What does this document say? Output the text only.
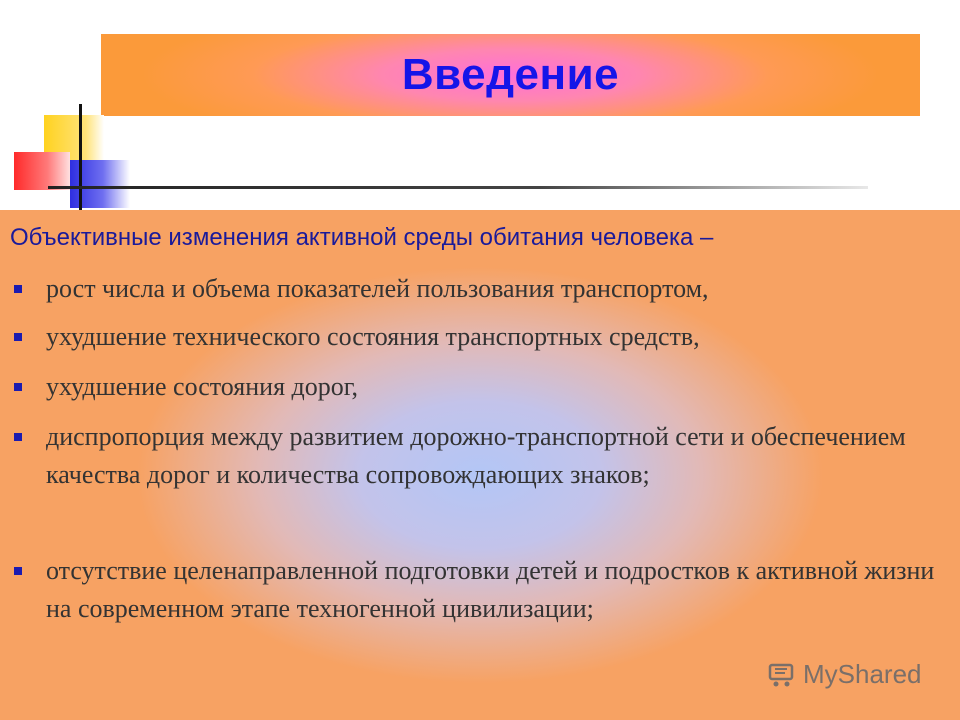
Введение
Объективные изменения активной среды обитания человека –
рост числа и объема показателей пользования транспортом,
ухудшение технического состояния транспортных средств,
ухудшение состояния дорог,
диспропорция между развитием дорожно-транспортной сети и обеспечением качества дорог и количества сопровождающих знаков;
отсутствие целенаправленной подготовки детей и подростков к активной жизни на современном этапе техногенной цивилизации;
MyShared
